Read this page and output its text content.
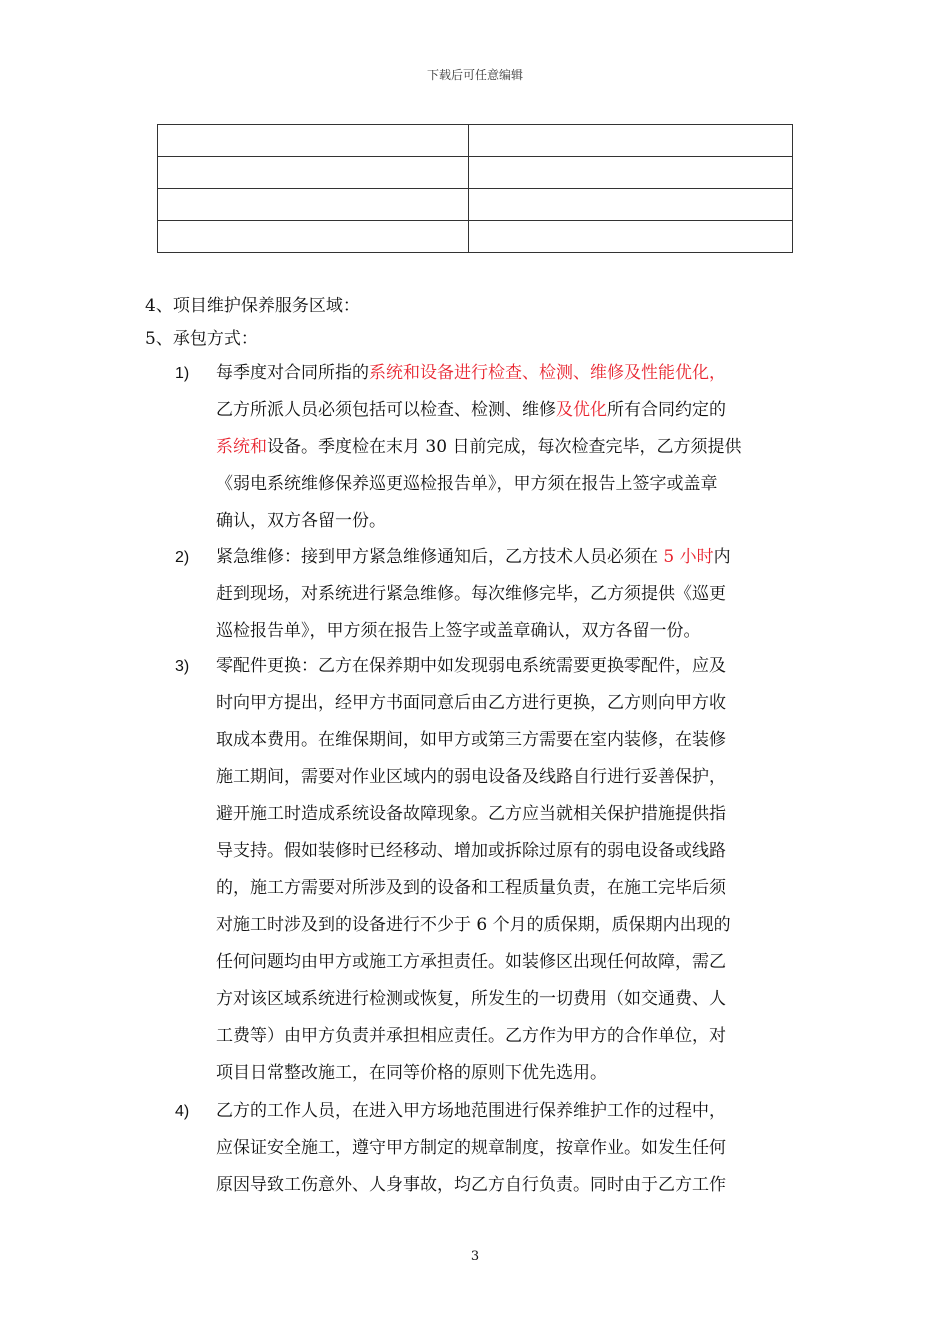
下载后可任意编辑

4、项目维护保养服务区域：
5、承包方式：
1) 每季度对合同所指的系统和设备进行检查、检测、维修及性能优化，
乙方所派人员必须包括可以检查、检测、维修及优化所有合同约定的
系统和设备。季度检在末月 30 日前完成，每次检查完毕，乙方须提供
《弱电系统维修保养巡更巡检报告单》，甲方须在报告上签字或盖章
确认，双方各留一份。
2) 紧急维修：接到甲方紧急维修通知后，乙方技术人员必须在 5 小时内
赶到现场，对系统进行紧急维修。每次维修完毕，乙方须提供《巡更
巡检报告单》，甲方须在报告上签字或盖章确认，双方各留一份。
3) 零配件更换：乙方在保养期中如发现弱电系统需要更换零配件，应及
时向甲方提出，经甲方书面同意后由乙方进行更换，乙方则向甲方收
取成本费用。在维保期间，如甲方或第三方需要在室内装修，在装修
施工期间，需要对作业区域内的弱电设备及线路自行进行妥善保护，
避开施工时造成系统设备故障现象。乙方应当就相关保护措施提供指
导支持。假如装修时已经移动、增加或拆除过原有的弱电设备或线路
的，施工方需要对所涉及到的设备和工程质量负责，在施工完毕后须
对施工时涉及到的设备进行不少于 6 个月的质保期，质保期内出现的
任何问题均由甲方或施工方承担责任。如装修区出现任何故障，需乙
方对该区域系统进行检测或恢复，所发生的一切费用（如交通费、人
工费等）由甲方负责并承担相应责任。乙方作为甲方的合作单位，对
项目日常整改施工，在同等价格的原则下优先选用。
4) 乙方的工作人员，在进入甲方场地范围进行保养维护工作的过程中，
应保证安全施工，遵守甲方制定的规章制度，按章作业。如发生任何
原因导致工伤意外、人身事故，均乙方自行负责。同时由于乙方工作
3
